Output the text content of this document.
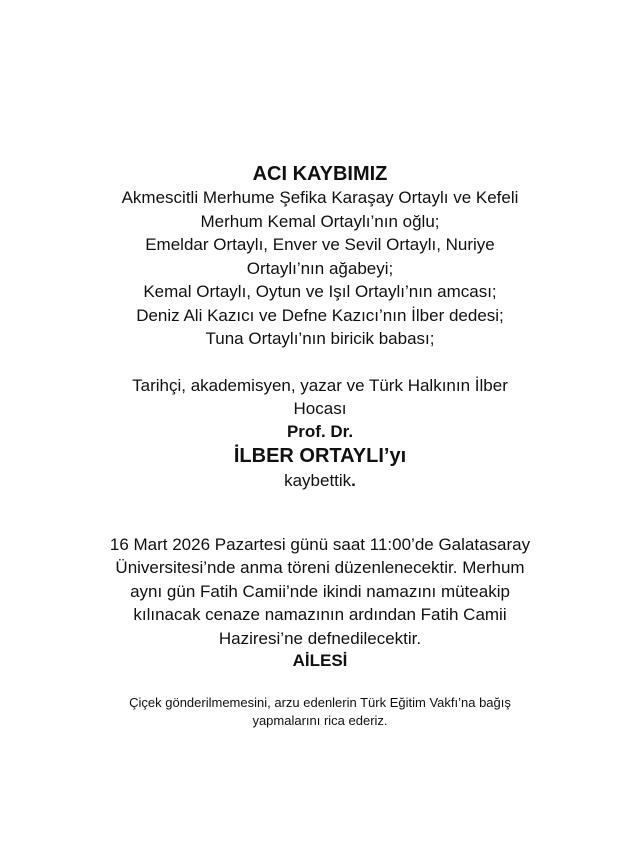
ACI KAYBIMIZ

Akmescitli Merhume Şefika Karaşay Ortaylı ve Kefeli
Merhum Kemal Ortaylı’nın oğlu;
Emeldar Ortaylı, Enver ve Sevil Ortaylı, Nuriye
Ortaylı’nın ağabeyi;
Kemal Ortaylı, Oytun ve Işıl Ortaylı’nın amcası;
Deniz Ali Kazıcı ve Defne Kazıcı’nın İlber dedesi;
Tuna Ortaylı’nın biricik babası;
Tarihçi, akademisyen, yazar ve Türk Halkının İlber
Hocası
Prof. Dr.
İLBER ORTAYLI’yı
kaybettik.
16 Mart 2026 Pazartesi günü saat 11:00’de Galatasaray
Üniversitesi’nde anma töreni düzenlenecektir. Merhum
aynı gün Fatih Camii’nde ikindi namazını müteakip
kılınacak cenaze namazının ardından Fatih Camii
Haziresi’ne defnedilecektir.

AİLESİ

Çiçek gönderilmemesini, arzu edenlerin Türk Eğitim Vakfı’na bağış
yapmalarını rica ederiz.
